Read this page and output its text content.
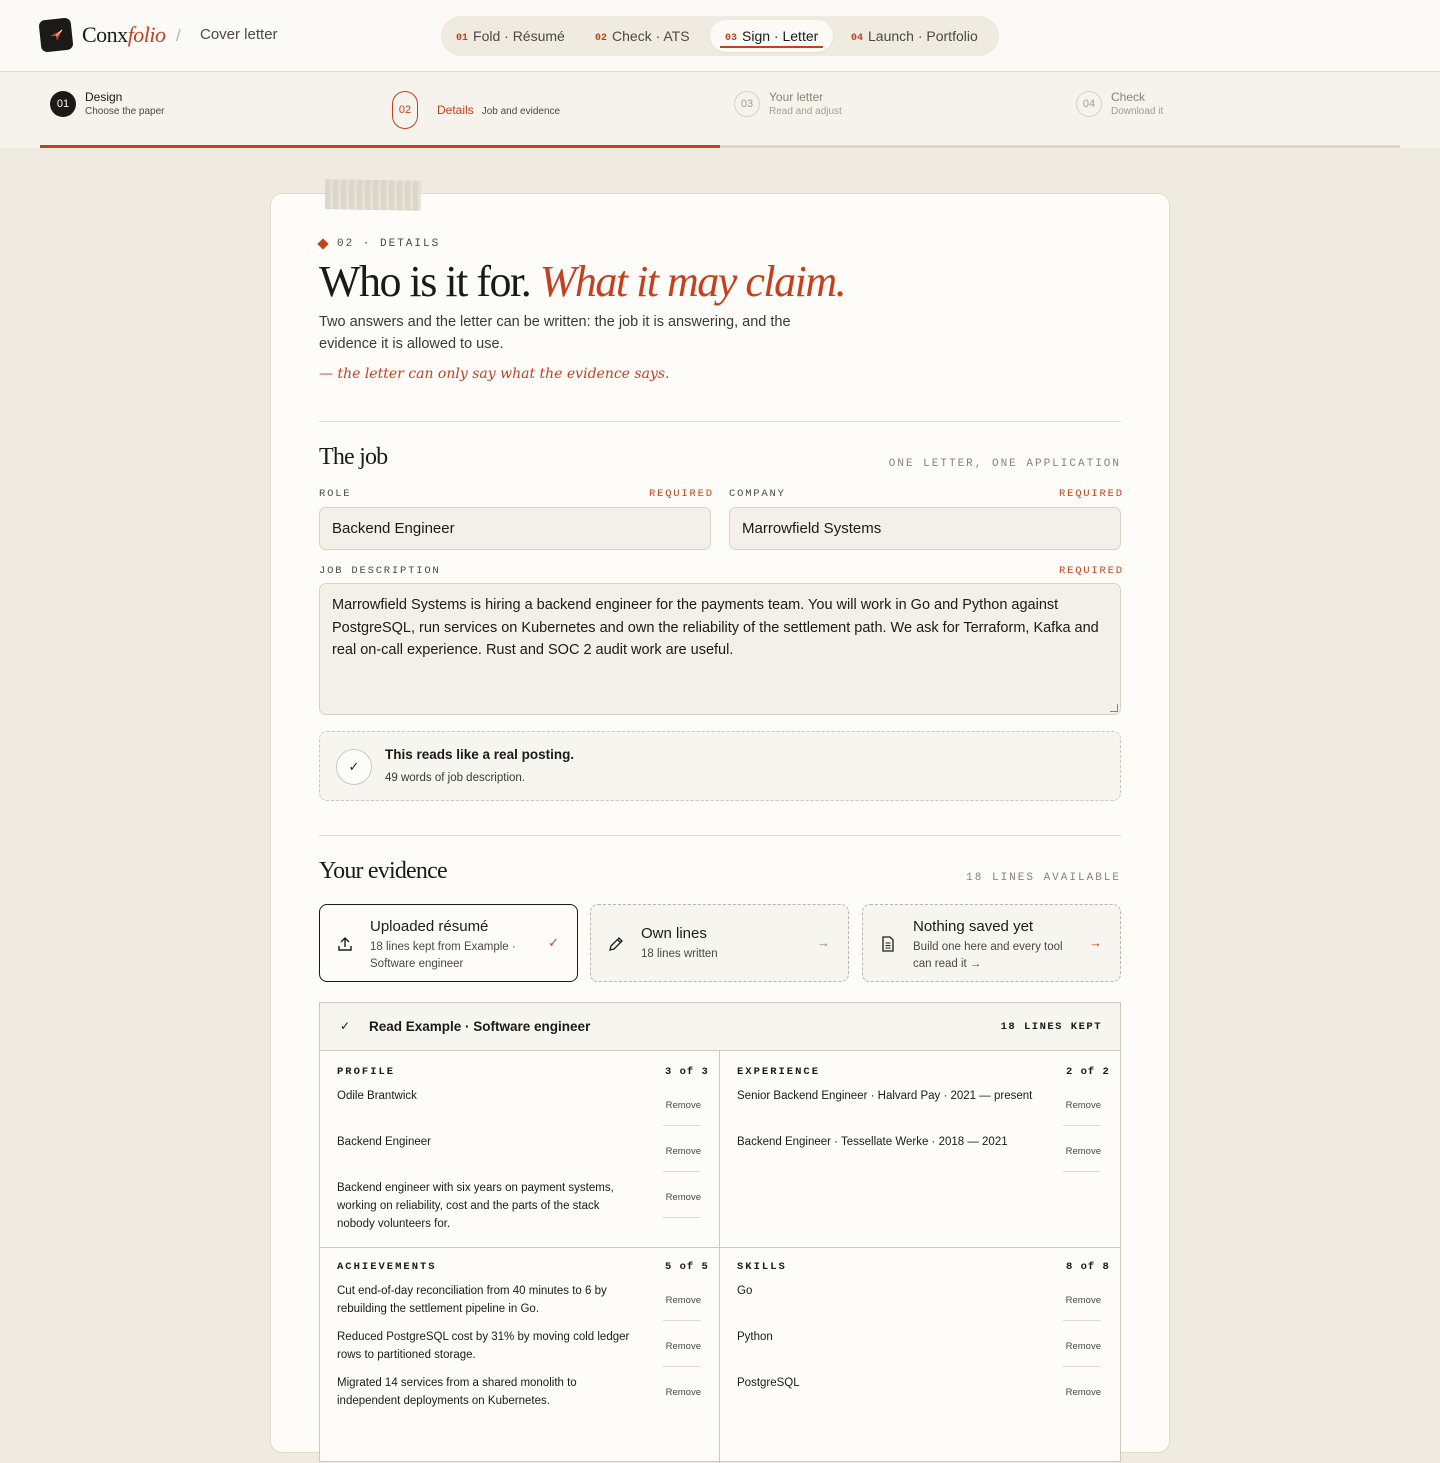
Conxfolio / Cover letter	01 Fold · Résumé	02 Check · ATS	03 Sign · Letter	04 Launch · Portfolio
01	Design
Choose the paper	02	Details Job and evidence
03	Your letter
Read and adjust
04	Check
Download it
02 · DETAILS
Who is it for. What it may claim.
Two answers and the letter can be written: the job it is answering, and the evidence it is allowed to use.
— the letter can only say what the evidence says.
The job	ONE LETTER, ONE APPLICATION
ROLE	REQUIRED
Backend Engineer
COMPANY	REQUIRED
Marrowfield Systems
JOB DESCRIPTION	REQUIRED
Marrowfield Systems is hiring a backend engineer for the payments team. You will work in Go and Python against PostgreSQL, run services on Kubernetes and own the reliability of the settlement path. We ask for Terraform, Kafka and real on-call experience. Rust and SOC 2 audit work are useful.
✓
This reads like a real posting.
49 words of job description.
Your evidence	18 LINES AVAILABLE
Uploaded résumé
18 lines kept from Example · Software engineer
✓
Own lines
18 lines written
→
Nothing saved yet
Build one here and every tool can read it →
→
✓	Read Example · Software engineer	18 LINES KEPT
PROFILE	3 of 3
Odile Brantwick
Remove
Backend Engineer
Remove
Backend engineer with six years on payment systems, working on reliability, cost and the parts of the stack nobody volunteers for.
Remove
EXPERIENCE	2 of 2
Senior Backend Engineer · Halvard Pay · 2021 — present
Remove
Backend Engineer · Tessellate Werke · 2018 — 2021
Remove
ACHIEVEMENTS	5 of 5
Cut end-of-day reconciliation from 40 minutes to 6 by rebuilding the settlement pipeline in Go.
Remove
Reduced PostgreSQL cost by 31% by moving cold ledger rows to partitioned storage.
Remove
Migrated 14 services from a shared monolith to independent deployments on Kubernetes.
Remove
SKILLS	8 of 8
Go
Remove
Python
Remove
PostgreSQL
Remove
